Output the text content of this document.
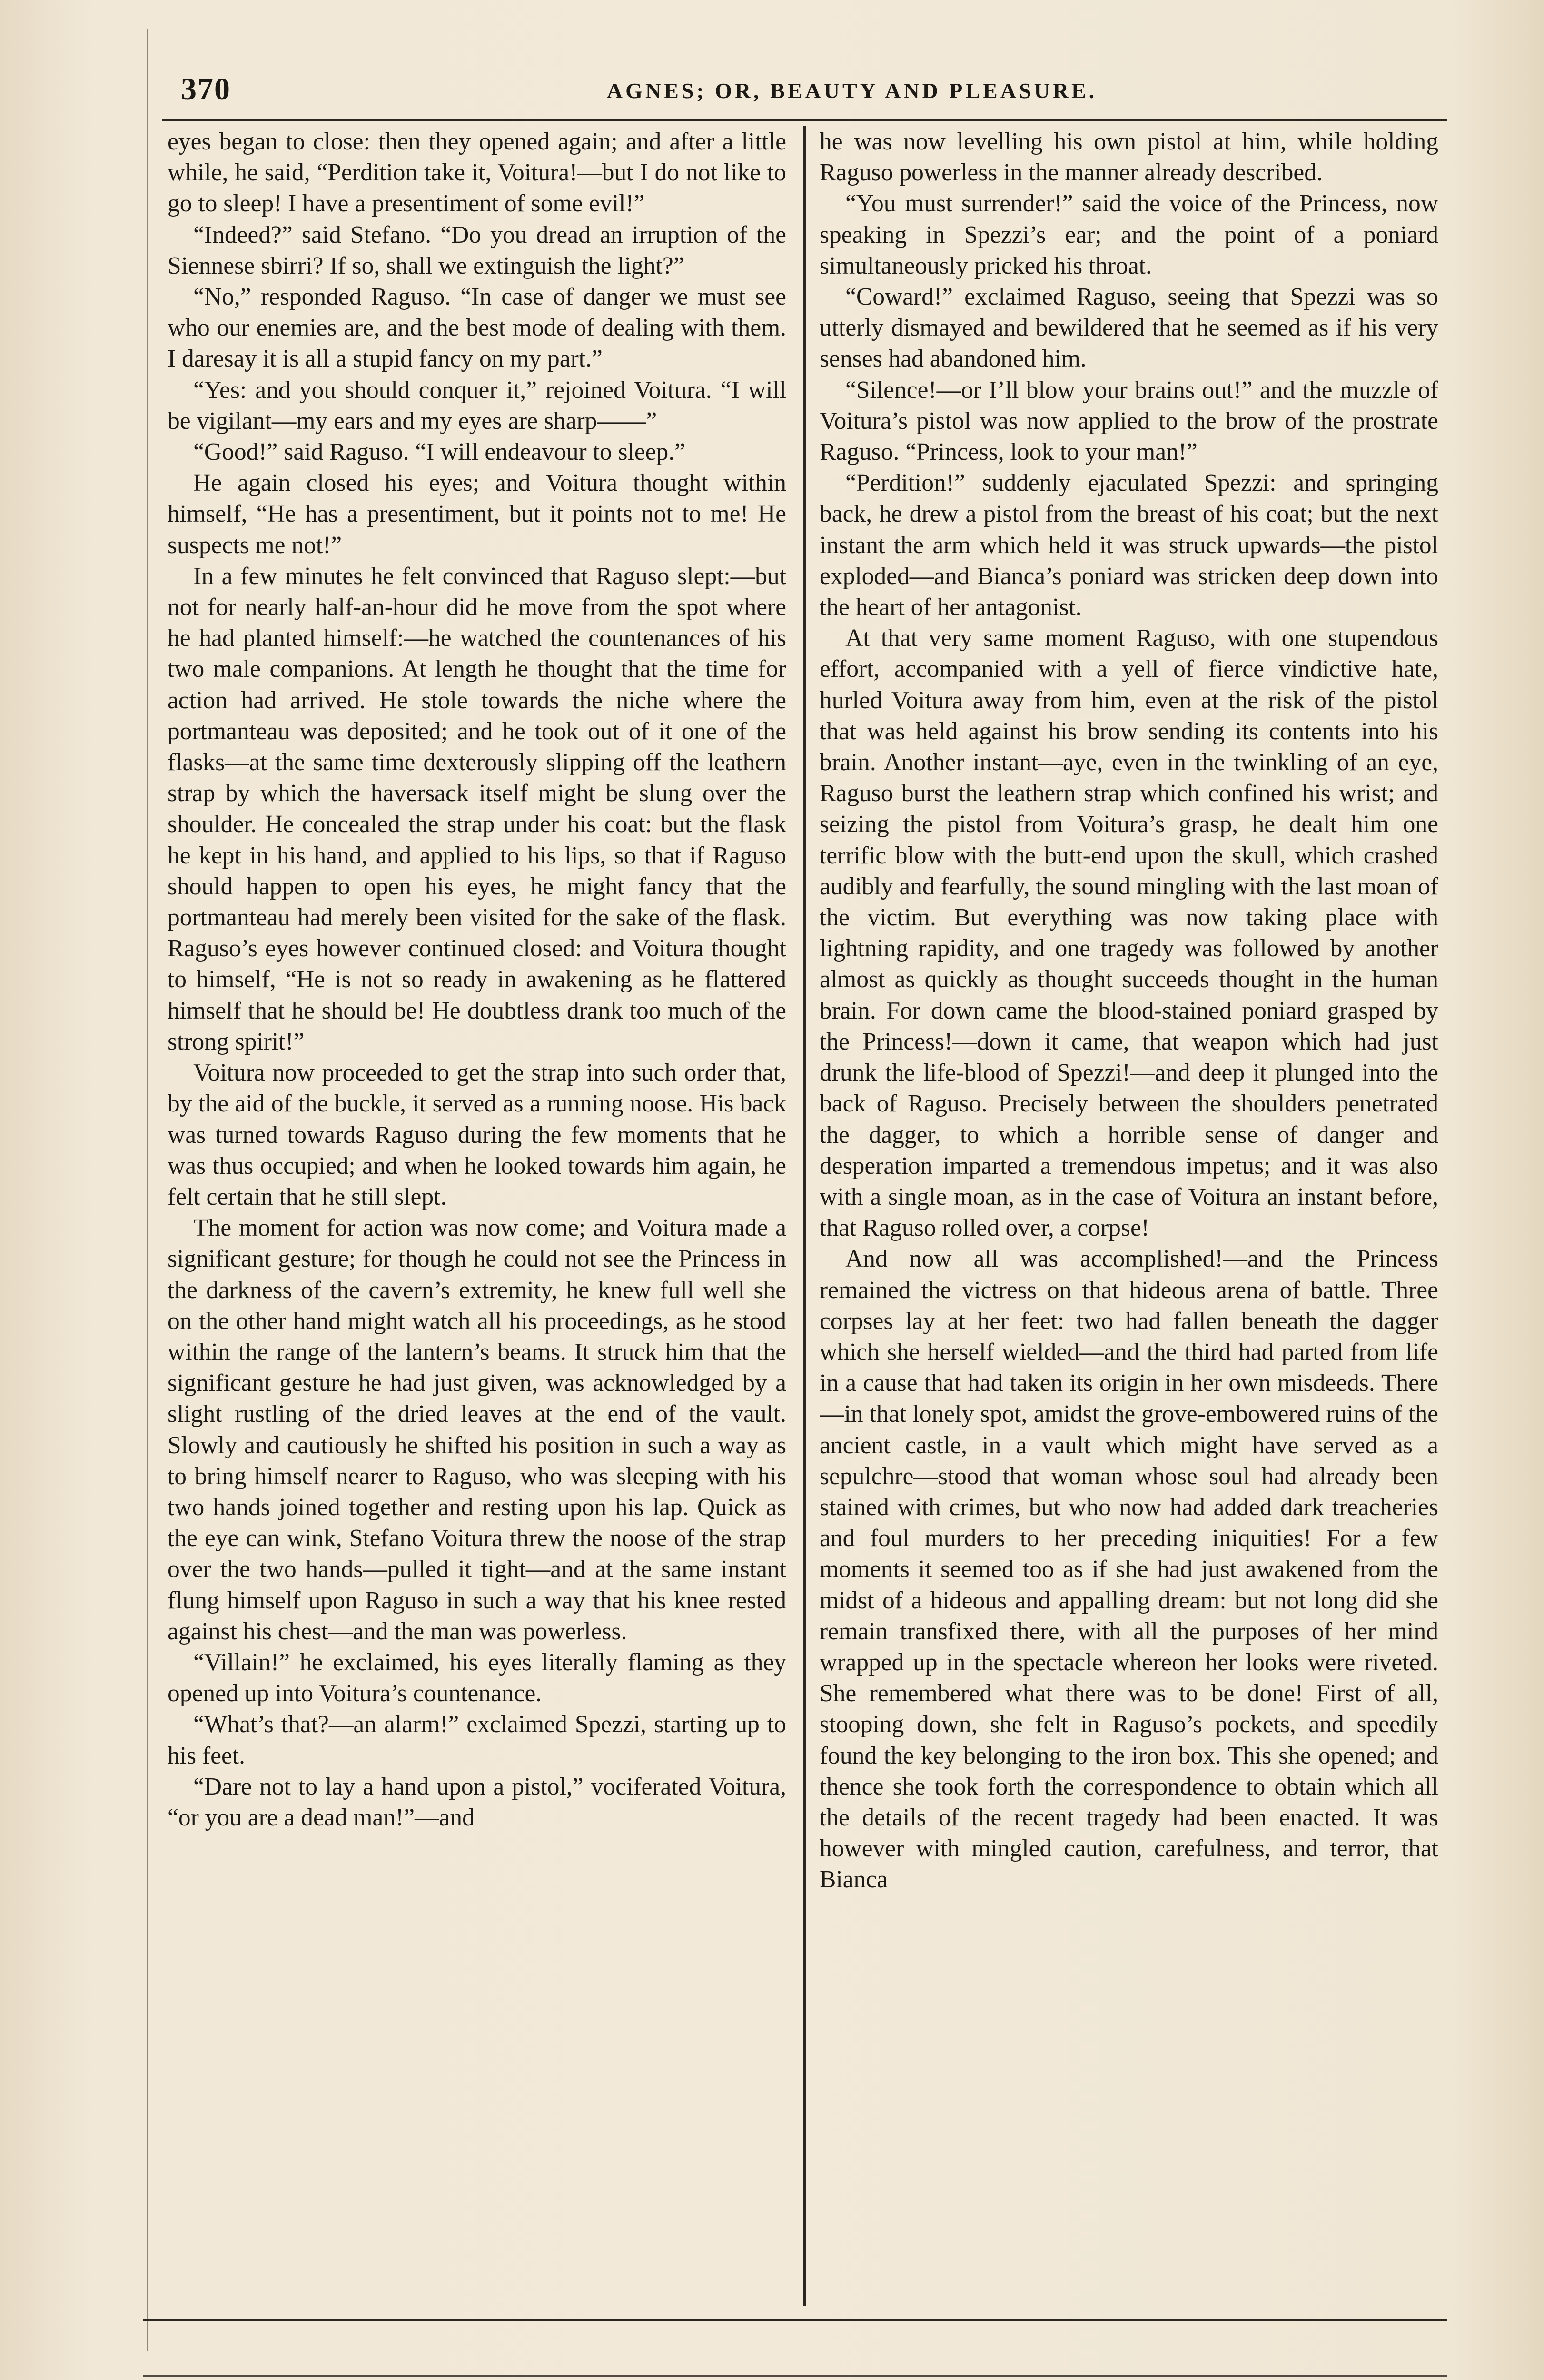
370	AGNES; OR, BEAUTY AND PLEASURE.

eyes began to close: then they opened again; and after a little while, he said, “Perdition take it, Voitura!—but I do not like to go to sleep! I have a presentiment of some evil!”

“Indeed?” said Stefano. “Do you dread an irruption of the Siennese sbirri? If so, shall we extinguish the light?”

“No,” responded Raguso. “In case of danger we must see who our enemies are, and the best mode of dealing with them. I daresay it is all a stupid fancy on my part.”

“Yes: and you should conquer it,” rejoined Voitura. “I will be vigilant—my ears and my eyes are sharp——”

“Good!” said Raguso. “I will endeavour to sleep.”

He again closed his eyes; and Voitura thought within himself, “He has a presentiment, but it points not to me! He suspects me not!”

In a few minutes he felt convinced that Raguso slept:—but not for nearly half-an-hour did he move from the spot where he had planted himself:—he watched the countenances of his two male companions. At length he thought that the time for action had arrived. He stole towards the niche where the portmanteau was deposited; and he took out of it one of the flasks—at the same time dexterously slipping off the leathern strap by which the haversack itself might be slung over the shoulder. He concealed the strap under his coat: but the flask he kept in his hand, and applied to his lips, so that if Raguso should happen to open his eyes, he might fancy that the portmanteau had merely been visited for the sake of the flask. Raguso’s eyes however continued closed: and Voitura thought to himself, “He is not so ready in awakening as he flattered himself that he should be! He doubtless drank too much of the strong spirit!”

Voitura now proceeded to get the strap into such order that, by the aid of the buckle, it served as a running noose. His back was turned towards Raguso during the few moments that he was thus occupied; and when he looked towards him again, he felt certain that he still slept.

The moment for action was now come; and Voitura made a significant gesture; for though he could not see the Princess in the darkness of the cavern’s extremity, he knew full well she on the other hand might watch all his proceedings, as he stood within the range of the lantern’s beams. It struck him that the significant gesture he had just given, was acknowledged by a slight rustling of the dried leaves at the end of the vault. Slowly and cautiously he shifted his position in such a way as to bring himself nearer to Raguso, who was sleeping with his two hands joined together and resting upon his lap. Quick as the eye can wink, Stefano Voitura threw the noose of the strap over the two hands—pulled it tight—and at the same instant flung himself upon Raguso in such a way that his knee rested against his chest—and the man was powerless.

“Villain!” he exclaimed, his eyes literally flaming as they opened up into Voitura’s countenance.

“What’s that?—an alarm!” exclaimed Spezzi, starting up to his feet.

“Dare not to lay a hand upon a pistol,” vociferated Voitura, “or you are a dead man!”—and

he was now levelling his own pistol at him, while holding Raguso powerless in the manner already described.

“You must surrender!” said the voice of the Princess, now speaking in Spezzi’s ear; and the point of a poniard simultaneously pricked his throat.

“Coward!” exclaimed Raguso, seeing that Spezzi was so utterly dismayed and bewildered that he seemed as if his very senses had abandoned him.

“Silence!—or I’ll blow your brains out!” and the muzzle of Voitura’s pistol was now applied to the brow of the prostrate Raguso. “Princess, look to your man!”

“Perdition!” suddenly ejaculated Spezzi: and springing back, he drew a pistol from the breast of his coat; but the next instant the arm which held it was struck upwards—the pistol exploded—and Bianca’s poniard was stricken deep down into the heart of her antagonist.

At that very same moment Raguso, with one stupendous effort, accompanied with a yell of fierce vindictive hate, hurled Voitura away from him, even at the risk of the pistol that was held against his brow sending its contents into his brain. Another instant—aye, even in the twinkling of an eye, Raguso burst the leathern strap which confined his wrist; and seizing the pistol from Voitura’s grasp, he dealt him one terrific blow with the butt-end upon the skull, which crashed audibly and fearfully, the sound mingling with the last moan of the victim. But everything was now taking place with lightning rapidity, and one tragedy was followed by another almost as quickly as thought succeeds thought in the human brain. For down came the blood-stained poniard grasped by the Princess!—down it came, that weapon which had just drunk the life-blood of Spezzi!—and deep it plunged into the back of Raguso. Precisely between the shoulders penetrated the dagger, to which a horrible sense of danger and desperation imparted a tremendous impetus; and it was also with a single moan, as in the case of Voitura an instant before, that Raguso rolled over, a corpse!

And now all was accomplished!—and the Princess remained the victress on that hideous arena of battle. Three corpses lay at her feet: two had fallen beneath the dagger which she herself wielded—and the third had parted from life in a cause that had taken its origin in her own misdeeds. There—in that lonely spot, amidst the grove-embowered ruins of the ancient castle, in a vault which might have served as a sepulchre—stood that woman whose soul had already been stained with crimes, but who now had added dark treacheries and foul murders to her preceding iniquities! For a few moments it seemed too as if she had just awakened from the midst of a hideous and appalling dream: but not long did she remain transfixed there, with all the purposes of her mind wrapped up in the spectacle whereon her looks were riveted. She remembered what there was to be done! First of all, stooping down, she felt in Raguso’s pockets, and speedily found the key belonging to the iron box. This she opened; and thence she took forth the correspondence to obtain which all the details of the recent tragedy had been enacted. It was however with mingled caution, carefulness, and terror, that Bianca
